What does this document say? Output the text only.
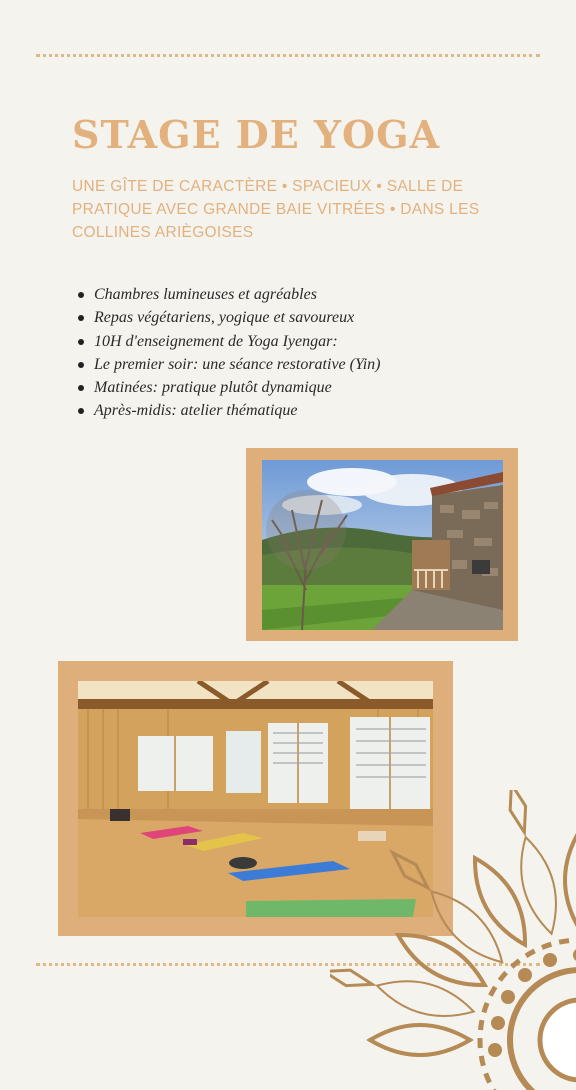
STAGE DE YOGA

UNE GÎTE DE CARACTÈRE • SPACIEUX • SALLE DE PRATIQUE AVEC GRANDE BAIE VITRÉES • DANS LES COLLINES ARIÈGOISES

Chambres lumineuses et agréables
Repas végétariens, yogique et savoureux
10H d'enseignement de Yoga Iyengar:
Le premier soir: une séance restorative (Yin)
Matinées: pratique plutôt dynamique
Après-midis: atelier thématique
